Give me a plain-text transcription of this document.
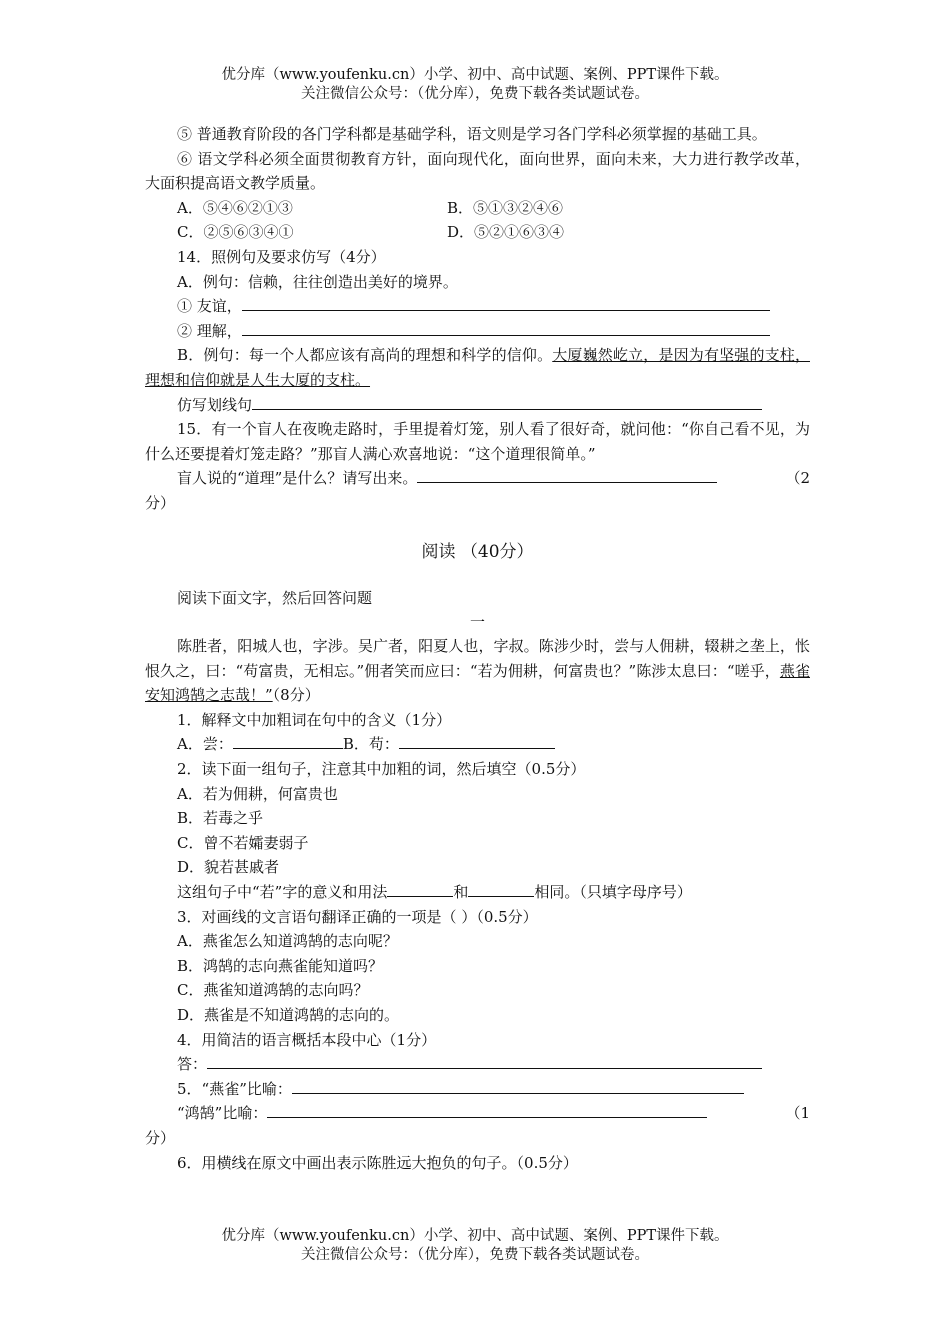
优分库（www.youfenku.cn）小学、初中、高中试题、案例、PPT课件下载。
关注微信公众号：（优分库），免费下载各类试题试卷。

⑤ 普通教育阶段的各门学科都是基础学科，语文则是学习各门学科必须掌握的基础工具。

⑥ 语文学科必须全面贯彻教育方针，面向现代化，面向世界，面向未来，大力进行教学改革，大面积提高语文教学质量。

A．⑤④⑥②①③	B．⑤①③②④⑥
C．②⑤⑥③④①	D．⑤②①⑥③④

14．照例句及要求仿写（4分）

A．例句：信赖，往往创造出美好的境界。

① 友谊，

② 理解，

B．例句：每一个人都应该有高尚的理想和科学的信仰。大厦巍然屹立，是因为有坚强的支柱，理想和信仰就是人生大厦的支柱。

仿写划线句

15．有一个盲人在夜晚走路时，手里提着灯笼，别人看了很好奇，就问他：“你自己看不见，为什么还要提着灯笼走路？”那盲人满心欢喜地说：“这个道理很简单。”

盲人说的“道理”是什么？请写出来。	（2

分）

阅读 （40分）

阅读下面文字，然后回答问题

一

陈胜者，阳城人也，字涉。吴广者，阳夏人也，字叔。陈涉少时，尝与人佣耕，辍耕之垄上，怅恨久之，曰：“苟富贵，无相忘。”佣者笑而应曰：“若为佣耕，何富贵也？”陈涉太息曰：“嗟乎，燕雀安知鸿鹄之志哉！”（8分）

1．解释文中加粗词在句中的含义（1分）

A．尝：	B．苟：

2．读下面一组句子，注意其中加粗的词，然后填空（0.5分）

A．若为佣耕，何富贵也

B．若毒之乎

C．曾不若孀妻弱子

D．貌若甚戚者

这组句子中“若”字的意义和用法	和	相同。（只填字母序号）

3．对画线的文言语句翻译正确的一项是（ ）（0.5分）

A．燕雀怎么知道鸿鹄的志向呢？

B．鸿鹄的志向燕雀能知道吗？

C．燕雀知道鸿鹄的志向吗？

D．燕雀是不知道鸿鹄的志向的。

4．用简洁的语言概括本段中心（1分）

答：

5．“燕雀”比喻：

“鸿鹄”比喻：	（1

分）

6．用横线在原文中画出表示陈胜远大抱负的句子。（0.5分）

优分库（www.youfenku.cn）小学、初中、高中试题、案例、PPT课件下载。
关注微信公众号：（优分库），免费下载各类试题试卷。
